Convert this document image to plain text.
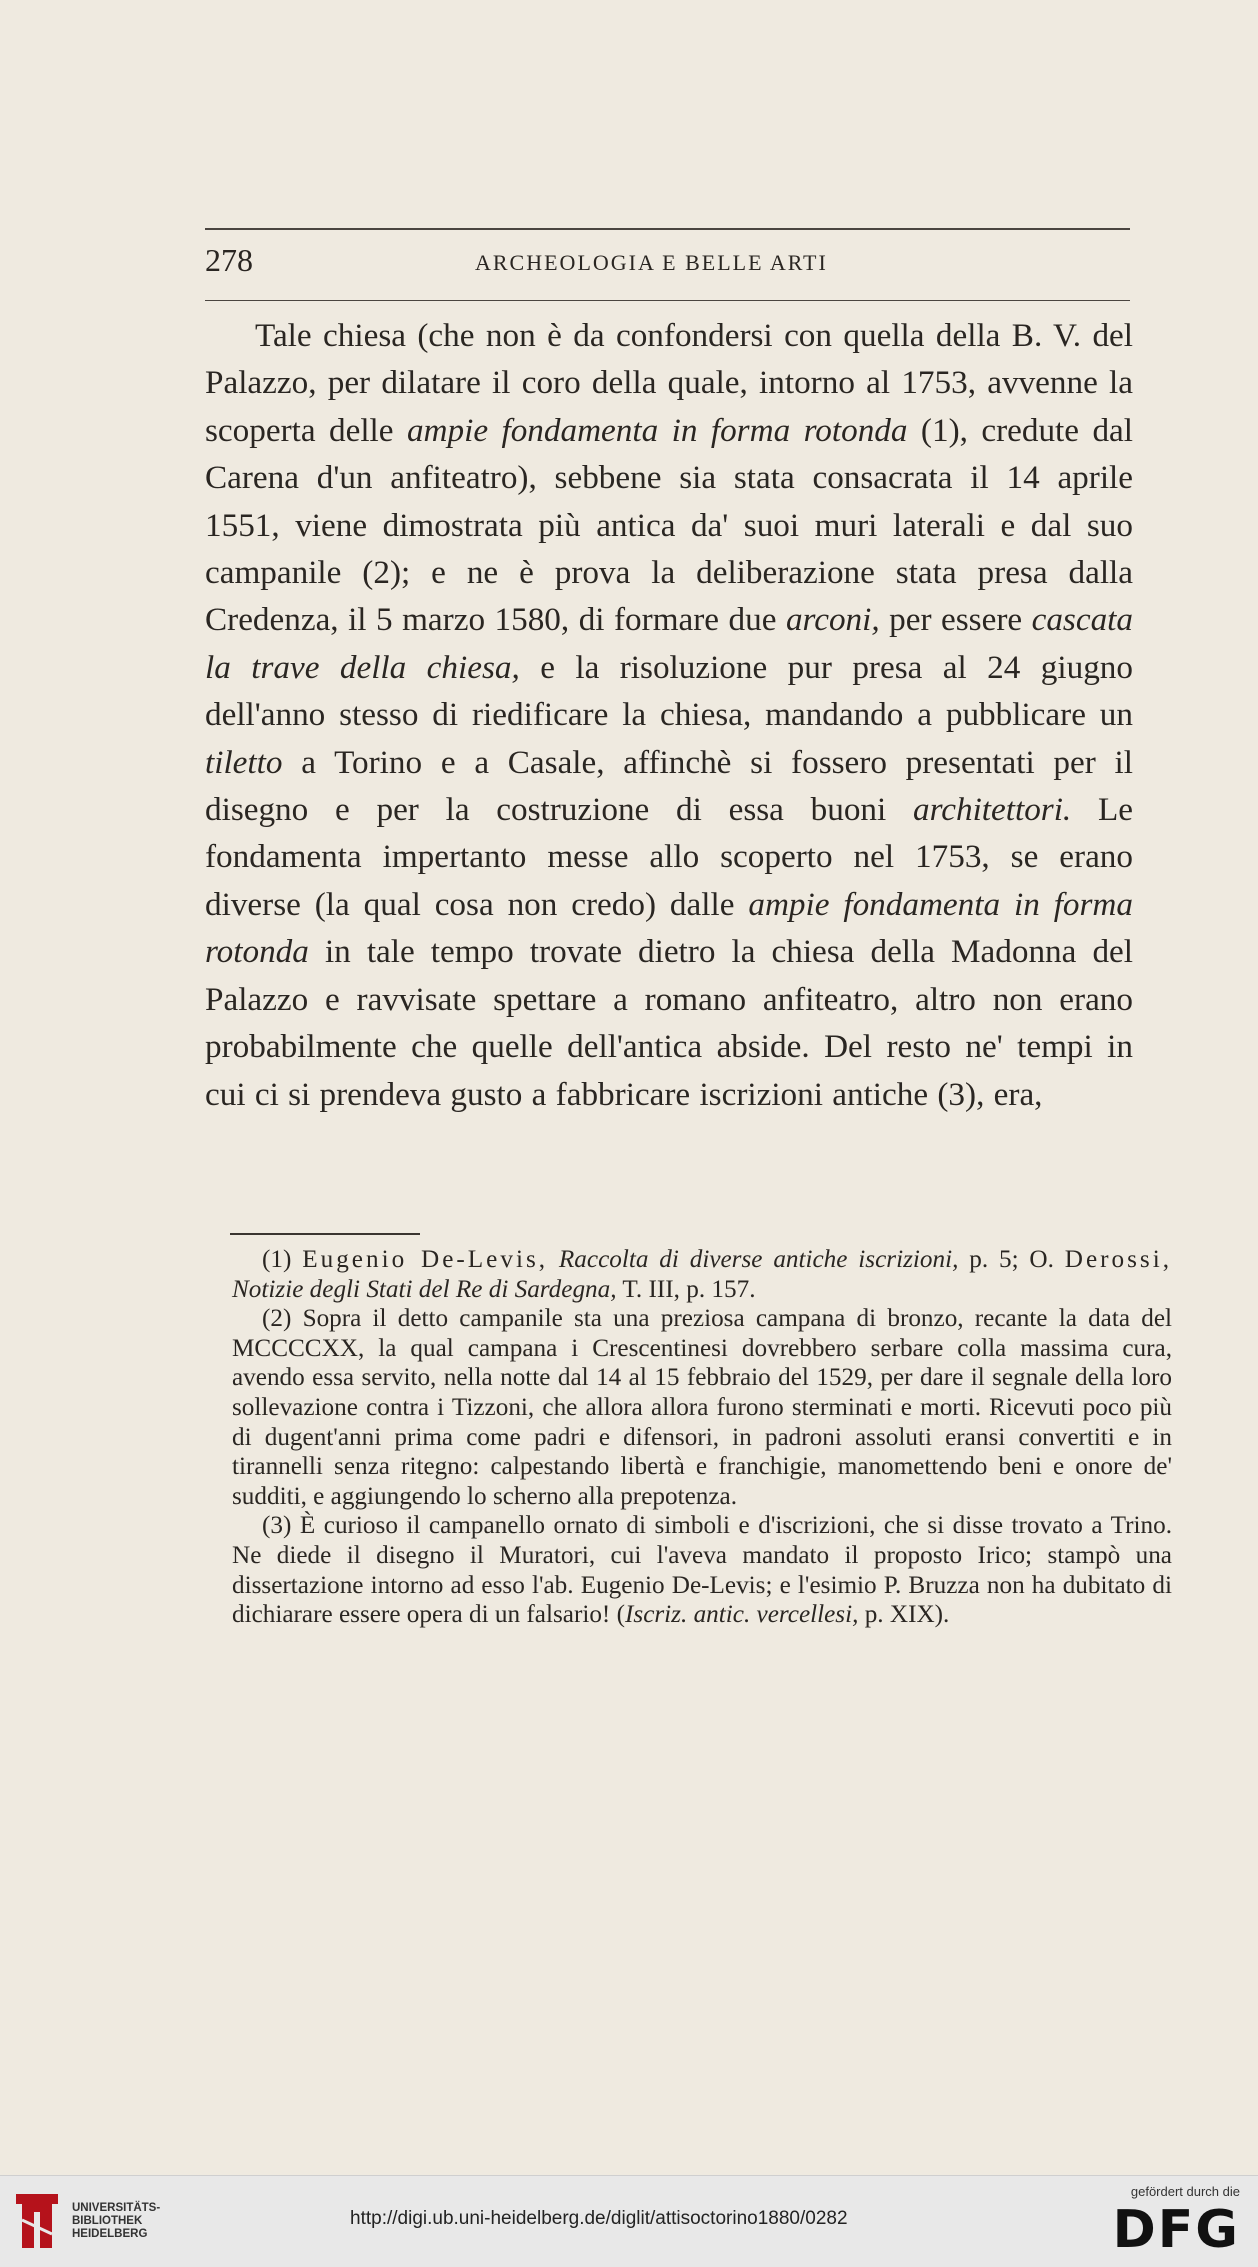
278	ARCHEOLOGIA E BELLE ARTI

Tale chiesa (che non è da confondersi con quella della B. V. del Palazzo, per dilatare il coro della quale, intorno al 1753, avvenne la scoperta delle ampie fondamenta in forma rotonda (1), credute dal Carena d'un anfiteatro), sebbene sia stata consacrata il 14 aprile 1551, viene dimostrata più antica da' suoi muri laterali e dal suo campanile (2); e ne è prova la deliberazione stata presa dalla Credenza, il 5 marzo 1580, di formare due arconi, per essere cascata la trave della chiesa, e la risoluzione pur presa al 24 giugno dell'anno stesso di riedificare la chiesa, mandando a pubblicare un tiletto a Torino e a Casale, affinchè si fossero presentati per il disegno e per la costruzione di essa buoni architettori. Le fondamenta impertanto messe allo scoperto nel 1753, se erano diverse (la qual cosa non credo) dalle ampie fondamenta in forma rotonda in tale tempo trovate dietro la chiesa della Madonna del Palazzo e ravvisate spettare a romano anfiteatro, altro non erano probabilmente che quelle dell'antica abside. Del resto ne' tempi in cui ci si prendeva gusto a fabbricare iscrizioni antiche (3), era,

(1) Eugenio De-Levis, Raccolta di diverse antiche iscrizioni, p. 5; O. Derossi, Notizie degli Stati del Re di Sardegna, T. III, p. 157.

(2) Sopra il detto campanile sta una preziosa campana di bronzo, recante la data del MCCCCXX, la qual campana i Crescentinesi dovrebbero serbare colla massima cura, avendo essa servito, nella notte dal 14 al 15 febbraio del 1529, per dare il segnale della loro sollevazione contra i Tizzoni, che allora allora furono sterminati e morti. Ricevuti poco più di dugent'anni prima come padri e difensori, in padroni assoluti eransi convertiti e in tirannelli senza ritegno: calpestando libertà e franchigie, manomettendo beni e onore de' sudditi, e aggiungendo lo scherno alla prepotenza.

(3) È curioso il campanello ornato di simboli e d'iscrizioni, che si disse trovato a Trino. Ne diede il disegno il Muratori, cui l'aveva mandato il proposto Irico; stampò una dissertazione intorno ad esso l'ab. Eugenio De-Levis; e l'esimio P. Bruzza non ha dubitato di dichiarare essere opera di un falsario! (Iscriz. antic. vercellesi, p. XIX).

UNIVERSITÄTS-
BIBLIOTHEK
HEIDELBERG
http://digi.ub.uni-heidelberg.de/diglit/attisoctorino1880/0282
gefördert durch die
DFG
